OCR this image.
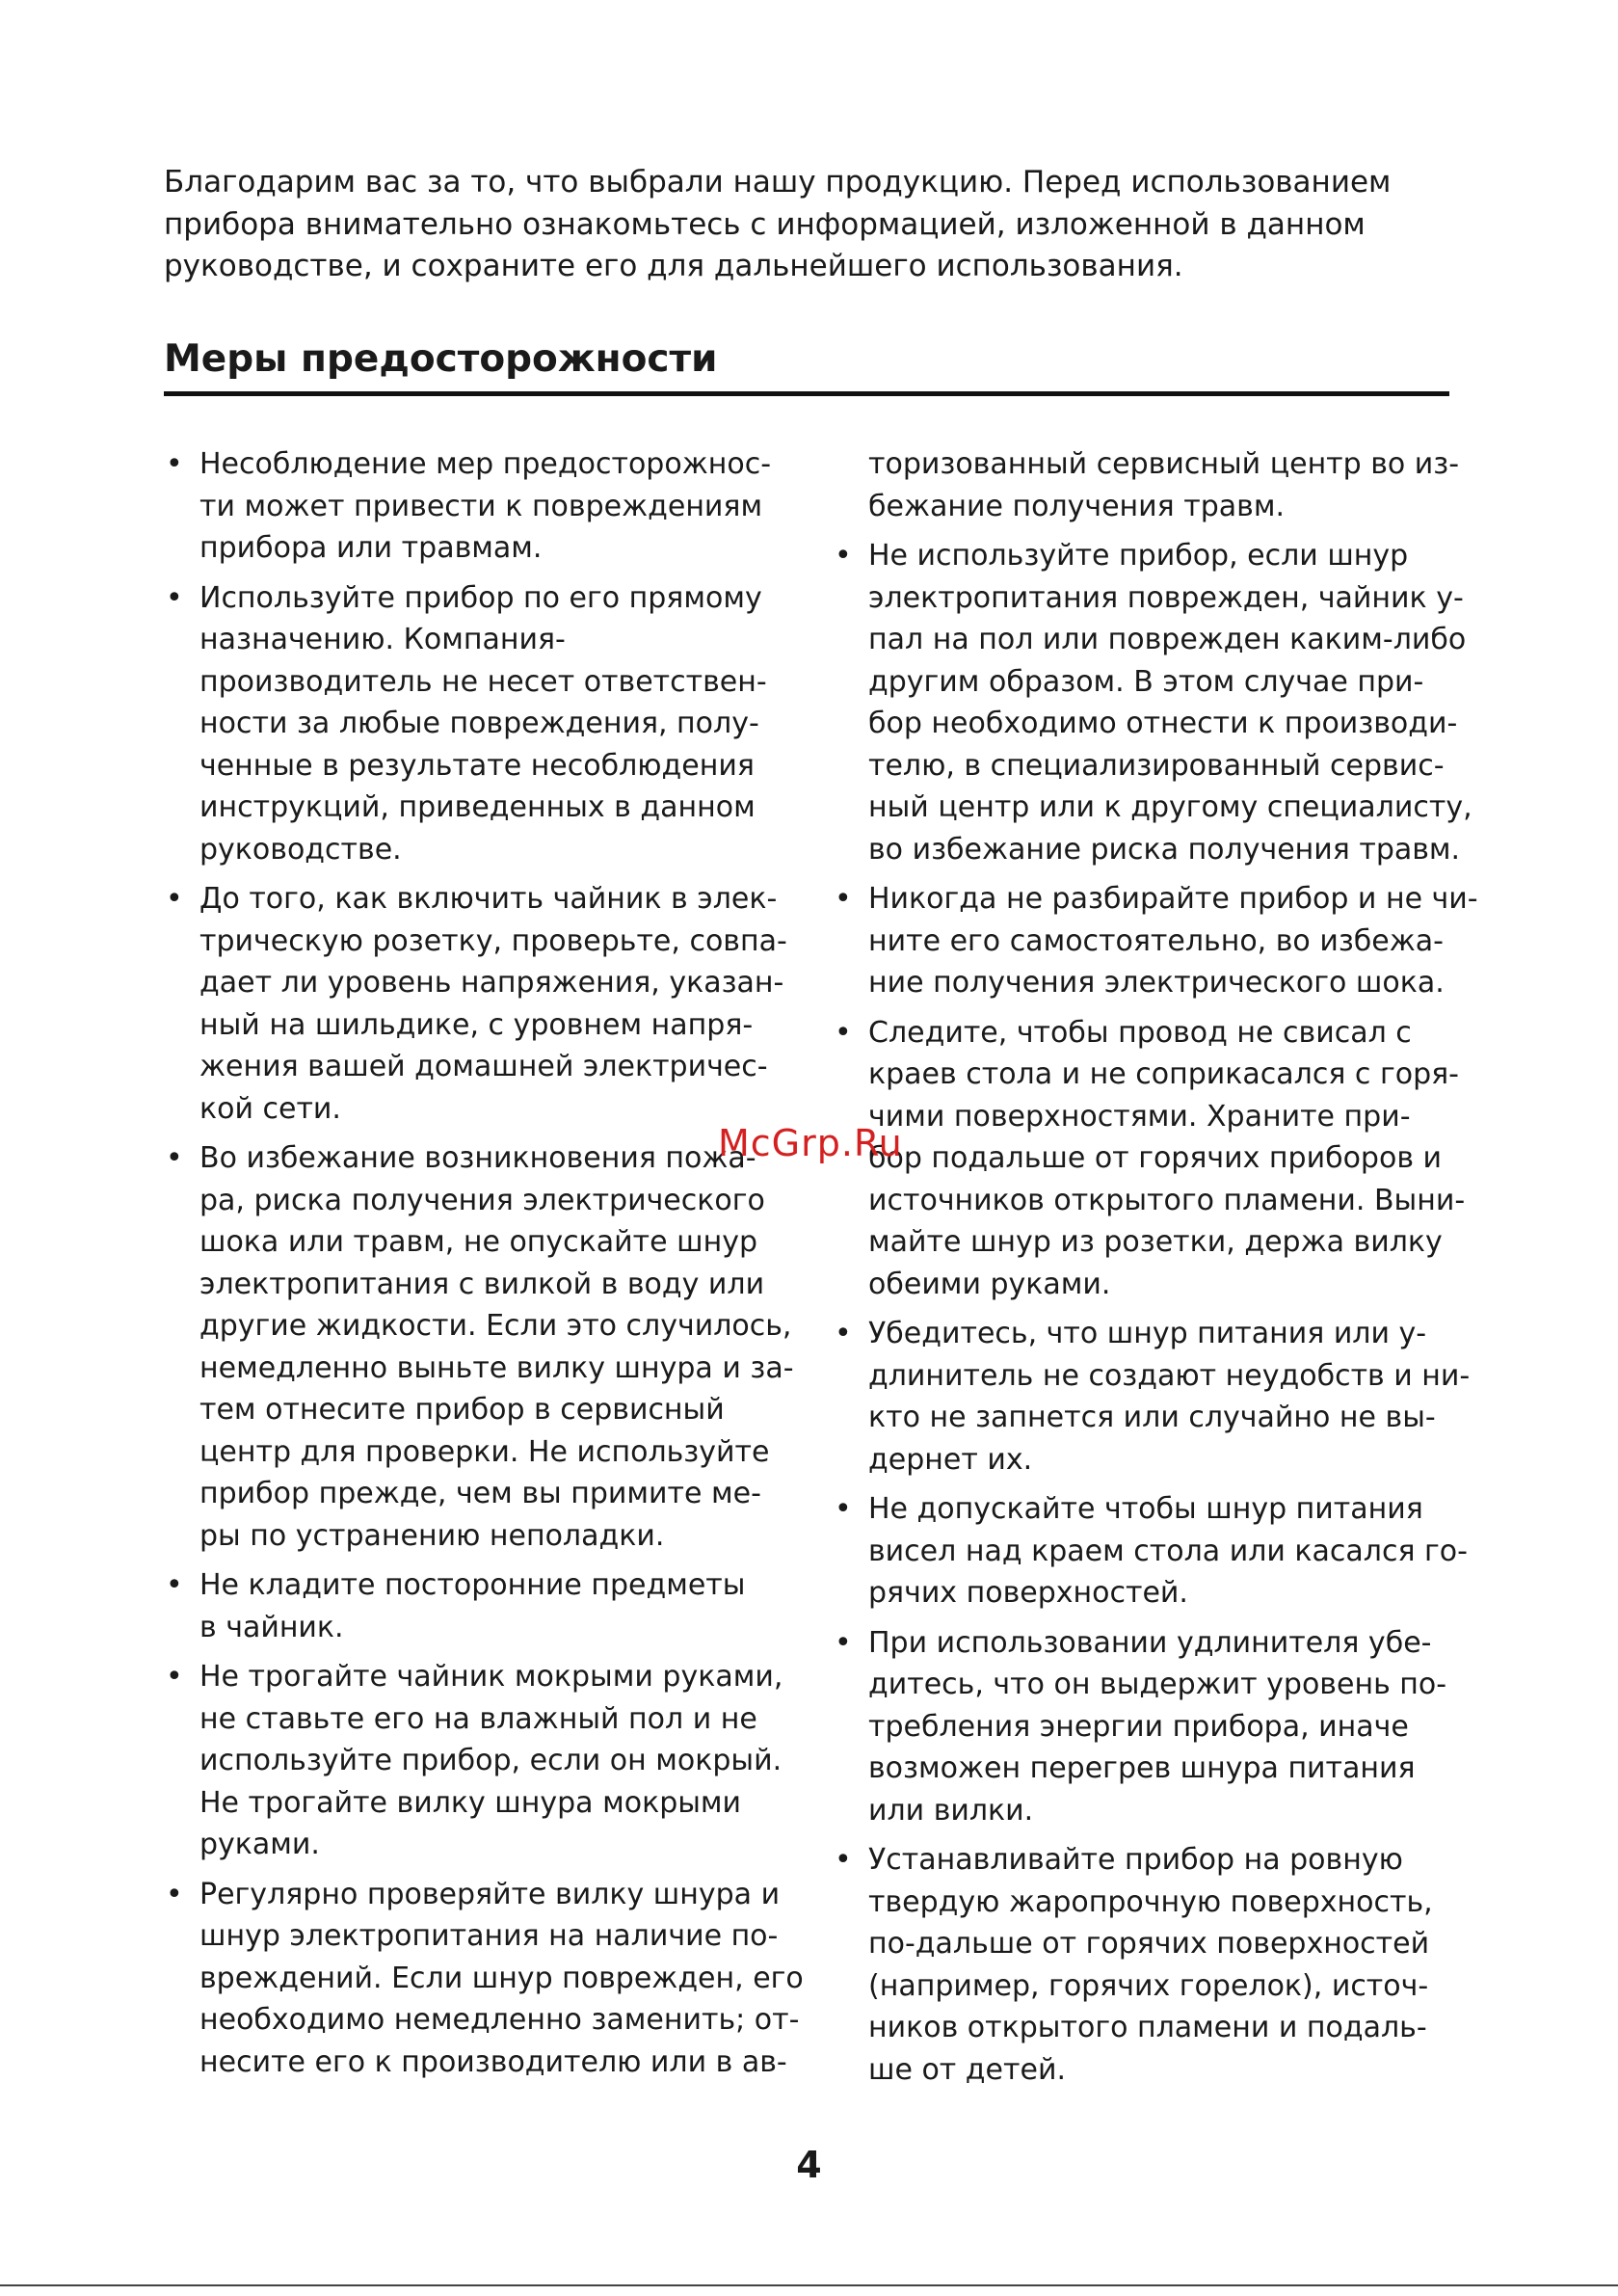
Благодарим вас за то, что выбрали нашу продукцию. Перед использованием
прибора внимательно ознакомьтесь с информацией, изложенной в данном
руководстве, и сохраните его для дальнейшего использования.

Меры предосторожности
• Несоблюдение мер предосторожнос-
ти может привести к повреждениям
прибора или травмам.
• Используйте прибор по его прямому
назначению. Компания-
производитель не несет ответствен-
ности за любые повреждения, полу-
ченные в результате несоблюдения
инструкций, приведенных в данном
руководстве.
• До того, как включить чайник в элек-
трическую розетку, проверьте, совпа-
дает ли уровень напряжения, указан-
ный на шильдике, с уровнем напря-
жения вашей домашней электричес-
кой сети.
• Во избежание возникновения пожа-
ра, риска получения электрического
шока или травм, не опускайте шнур
электропитания с вилкой в воду или
другие жидкости. Если это случилось,
немедленно выньте вилку шнура и за-
тем отнесите прибор в сервисный
центр для проверки. Не используйте
прибор прежде, чем вы примите ме-
ры по устранению неполадки.
• Не кладите посторонние предметы
в чайник.
• Не трогайте чайник мокрыми руками,
не ставьте его на влажный пол и не
используйте прибор, если он мокрый.
Не трогайте вилку шнура мокрыми
руками.
• Регулярно проверяйте вилку шнура и
шнур электропитания на наличие по-
вреждений. Если шнур поврежден, его
необходимо немедленно заменить; от-
несите его к производителю или в ав-
торизованный сервисный центр во из-
бежание получения травм.
• Не используйте прибор, если шнур
электропитания поврежден, чайник у-
пал на пол или поврежден каким-либо
другим образом. В этом случае при-
бор необходимо отнести к производи-
телю, в специализированный сервис-
ный центр или к другому специалисту,
во избежание риска получения травм.
• Никогда не разбирайте прибор и не чи-
ните его самостоятельно, во избежа-
ние получения электрического шока.
• Следите, чтобы провод не свисал с
краев стола и не соприкасался с горя-
чими поверхностями. Храните при-
бор подальше от горячих приборов и
источников открытого пламени. Выни-
майте шнур из розетки, держа вилку
обеими руками.
• Убедитесь, что шнур питания или у-
длинитель не создают неудобств и ни-
кто не запнется или случайно не вы-
дернет их.
• Не допускайте чтобы шнур питания
висел над краем стола или касался го-
рячих поверхностей.
• При использовании удлинителя убе-
дитесь, что он выдержит уровень по-
требления энергии прибора, иначе
возможен перегрев шнура питания
или вилки.
• Устанавливайте прибор на ровную
твердую жаропрочную поверхность,
по-дальше от горячих поверхностей
(например, горячих горелок), источ-
ников открытого пламени и подаль-
ше от детей.
McGrp.Ru
4
